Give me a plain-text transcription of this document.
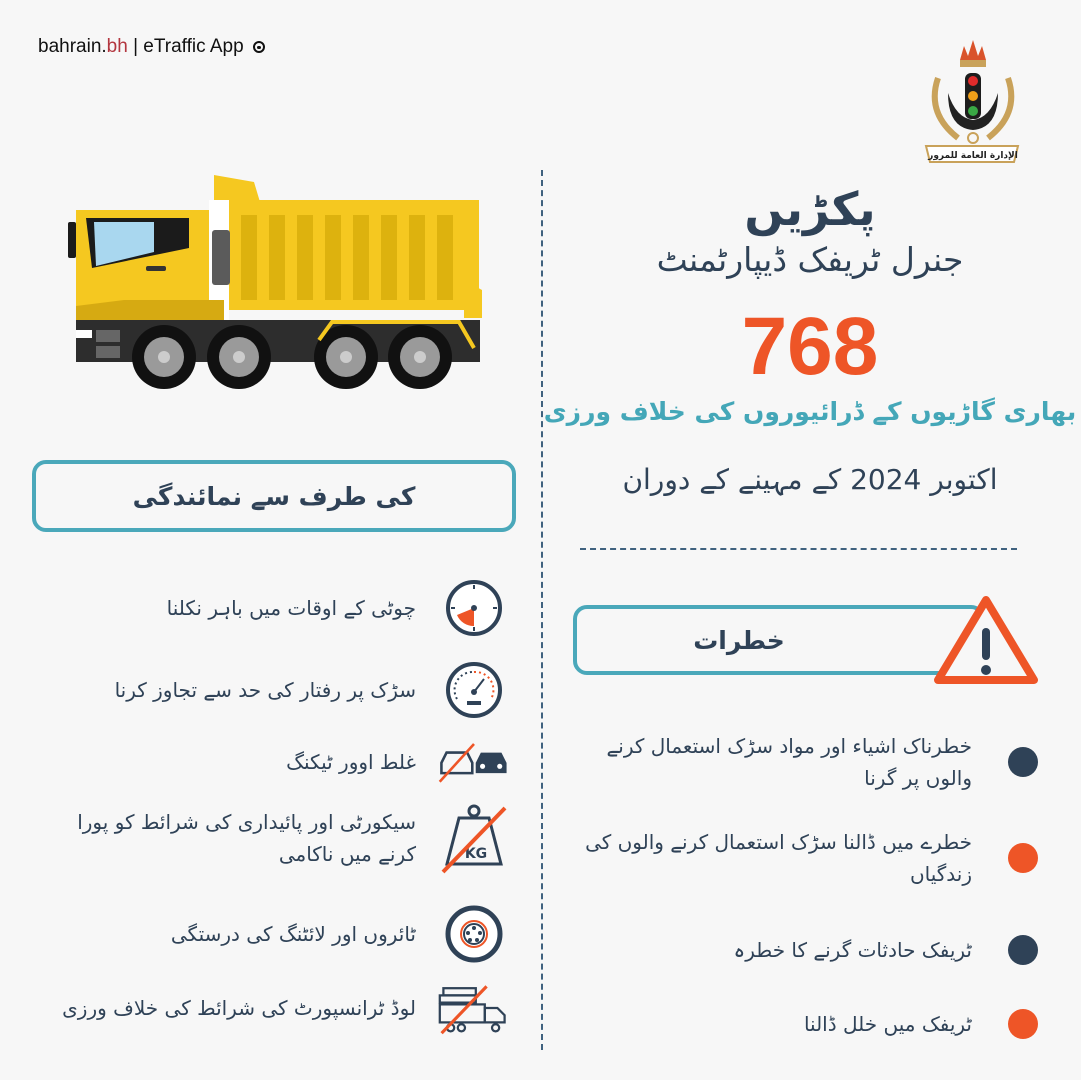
bahrain.bh | eTraffic App
الإدارة العامة للمرور
پکڑیں
جنرل ٹریفک ڈیپارٹمنٹ
768
بھاری گاڑیوں کے ڈرائیوروں کی خلاف ورزی
اکتوبر 2024 کے مہینے کے دوران
کی طرف سے نمائندگی
چوٹی کے اوقات میں باہر نکلنا
سڑک پر رفتار کی حد سے تجاوز کرنا
غلط اوور ٹیکنگ
سیکورٹی اور پائیداری کی شرائط کو پورا کرنے میں ناکامی	KG
ٹائروں اور لائٹنگ کی درستگی
لوڈ ٹرانسپورٹ کی شرائط کی خلاف ورزی
خطرات
خطرناک اشیاء اور مواد سڑک استعمال کرنے والوں پر گرنا
خطرے میں ڈالنا سڑک استعمال کرنے والوں کی زندگیاں
ٹریفک حادثات گرنے کا خطرہ
ٹریفک میں خلل ڈالنا
